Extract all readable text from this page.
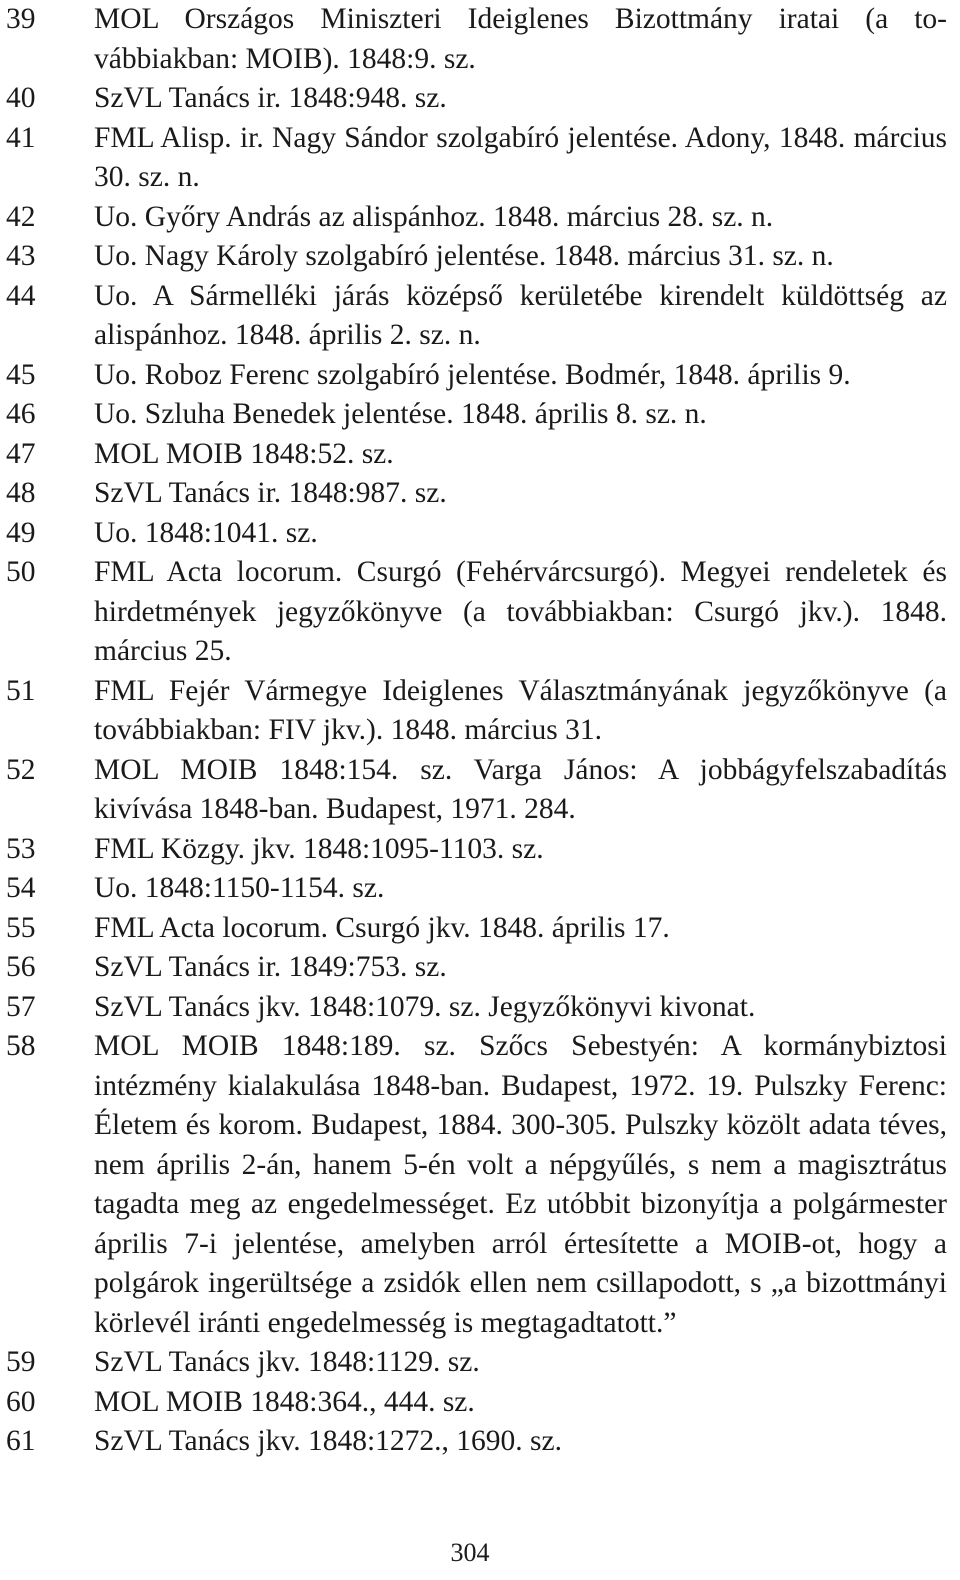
39	MOL Országos Miniszteri Ideiglenes Bizottmány iratai (a továbbiakban: MOIB). 1848:9. sz.
40	SzVL Tanács ir. 1848:948. sz.
41	FML Alisp. ir. Nagy Sándor szolgabíró jelentése. Adony, 1848. március 30. sz. n.
42	Uo. Győry András az alispánhoz. 1848. március 28. sz. n.
43	Uo. Nagy Károly szolgabíró jelentése. 1848. március 31. sz. n.
44	Uo. A Sármelléki járás középső kerületébe kirendelt küldöttség az alispánhoz. 1848. április 2. sz. n.
45	Uo. Roboz Ferenc szolgabíró jelentése. Bodmér, 1848. április 9.
46	Uo. Szluha Benedek jelentése. 1848. április 8. sz. n.
47	MOL MOIB 1848:52. sz.
48	SzVL Tanács ir. 1848:987. sz.
49	Uo. 1848:1041. sz.
50	FML Acta locorum. Csurgó (Fehérvárcsurgó). Megyei rendeletek és hirdetmények jegyzőkönyve (a továbbiakban: Csurgó jkv.). 1848. március 25.
51	FML Fejér Vármegye Ideiglenes Választmányának jegyzőkönyve (a továbbiakban: FIV jkv.). 1848. március 31.
52	MOL MOIB 1848:154. sz. Varga János: A jobbágyfelszabadítás kivívása 1848-ban. Budapest, 1971. 284.
53	FML Közgy. jkv. 1848:1095-1103. sz.
54	Uo. 1848:1150-1154. sz.
55	FML Acta locorum. Csurgó jkv. 1848. április 17.
56	SzVL Tanács ir. 1849:753. sz.
57	SzVL Tanács jkv. 1848:1079. sz. Jegyzőkönyvi kivonat.
58	MOL MOIB 1848:189. sz. Szőcs Sebestyén: A kormánybiztosi intézmény kialakulása 1848-ban. Budapest, 1972. 19. Pulszky Ferenc: Életem és korom. Budapest, 1884. 300-305. Pulszky közölt adata téves, nem április 2-án, hanem 5-én volt a népgyűlés, s nem a magisztrátus tagadta meg az engedelmességet. Ez utóbbit bizonyítja a polgármester április 7-i jelentése, amelyben arról értesítette a MOIB-ot, hogy a polgárok ingerültsége a zsidók ellen nem csillapodott, s „a bizottmányi körlevél iránti engedelmesség is megtagadtatott.”
59	SzVL Tanács jkv. 1848:1129. sz.
60	MOL MOIB 1848:364., 444. sz.
61	SzVL Tanács jkv. 1848:1272., 1690. sz.
304
